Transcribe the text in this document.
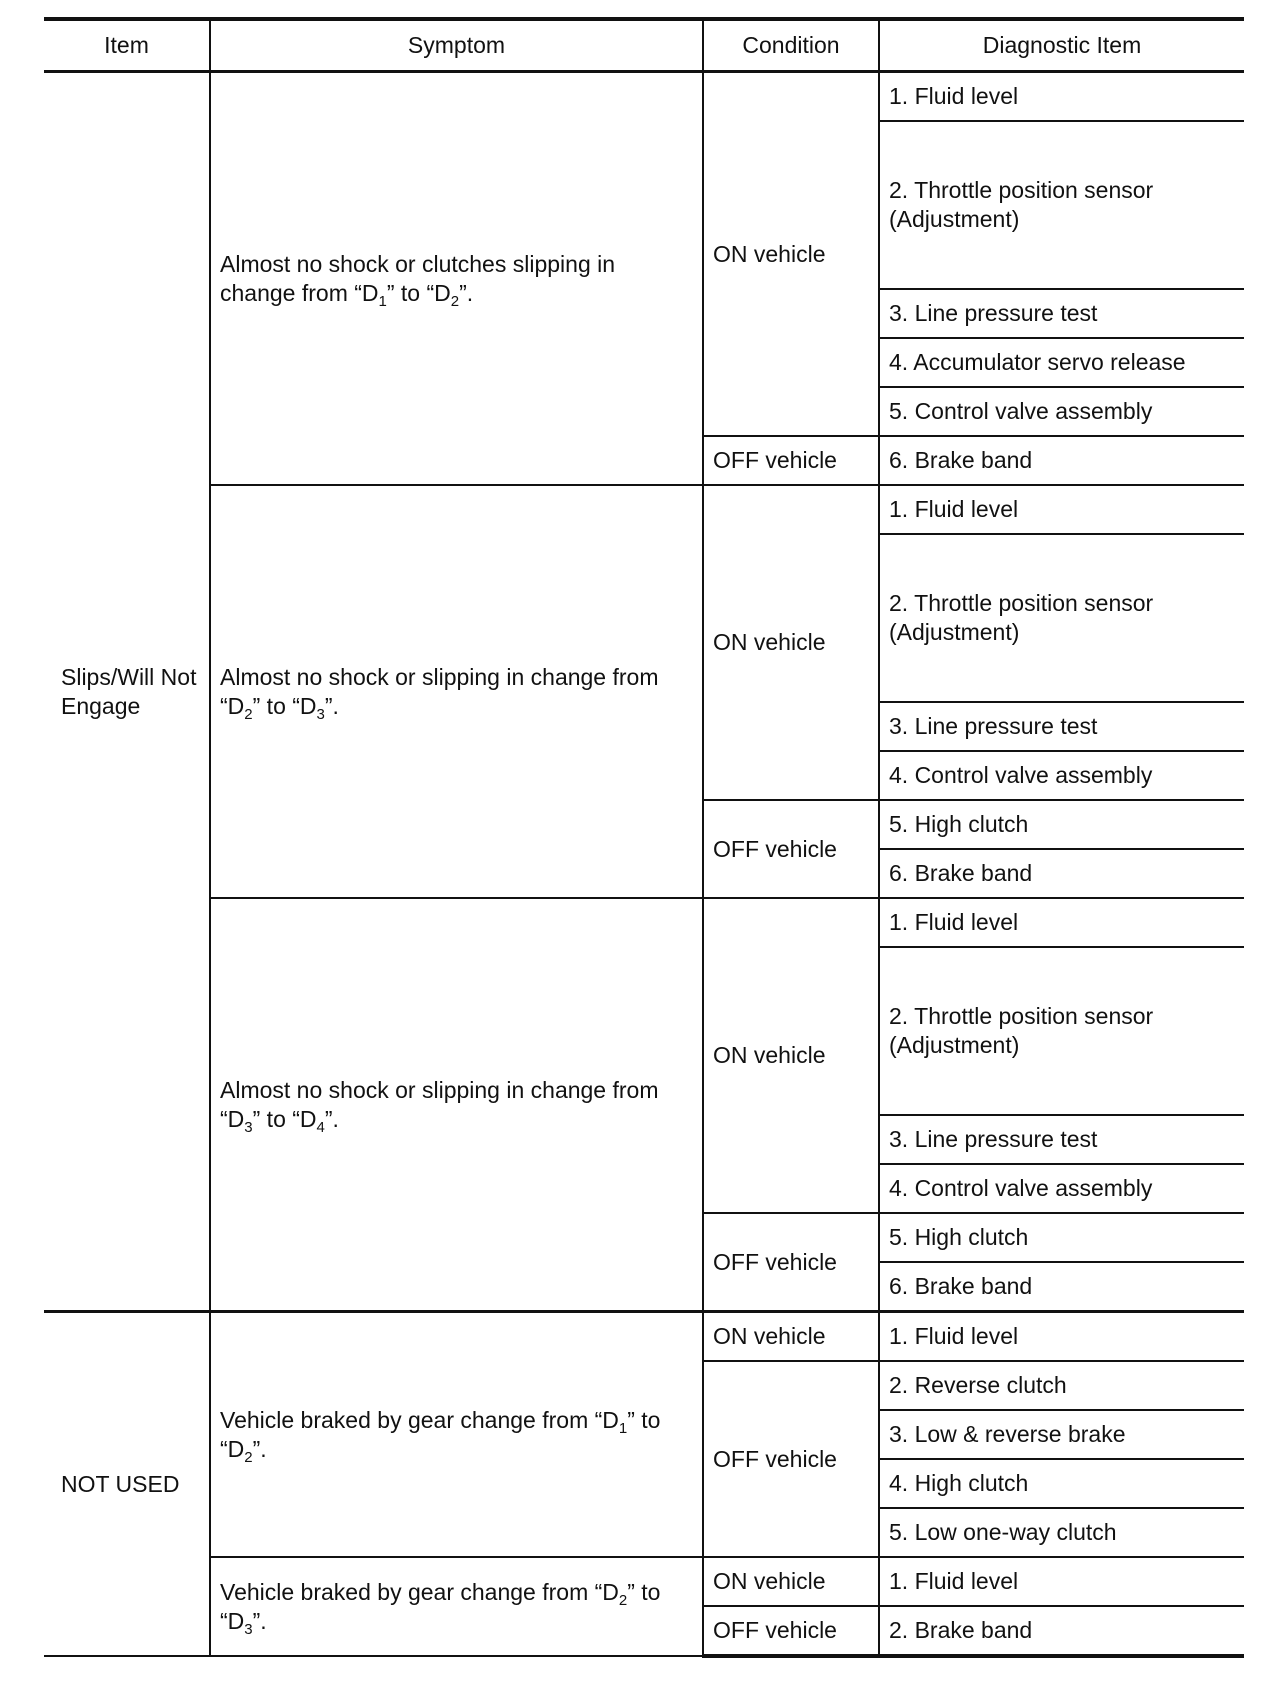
Item	Symptom	Condition	Diagnostic Item
Slips/Will Not Engage	Almost no shock or clutches slipping in change from “$D_1$” to “$D_2$”.	ON vehicle	1. Fluid level
			2. Throttle position sensor (Adjustment)
			3. Line pressure test
			4. Accumulator servo release
			5. Control valve assembly
		OFF vehicle	6. Brake band
	Almost no shock or slipping in change from “$D_2$” to “$D_3$”.	ON vehicle	1. Fluid level
			2. Throttle position sensor (Adjustment)
			3. Line pressure test
			4. Control valve assembly
		OFF vehicle	5. High clutch
			6. Brake band
	Almost no shock or slipping in change from “$D_3$” to “$D_4$”.	ON vehicle	1. Fluid level
			2. Throttle position sensor (Adjustment)
			3. Line pressure test
			4. Control valve assembly
		OFF vehicle	5. High clutch
			6. Brake band
NOT USED	Vehicle braked by gear change from “$D_1$” to “$D_2$”.	ON vehicle	1. Fluid level
		OFF vehicle	2. Reverse clutch
			3. Low & reverse brake
			4. High clutch
			5. Low one-way clutch
	Vehicle braked by gear change from “$D_2$” to “$D_3$”.	ON vehicle	1. Fluid level
		OFF vehicle	2. Brake band
